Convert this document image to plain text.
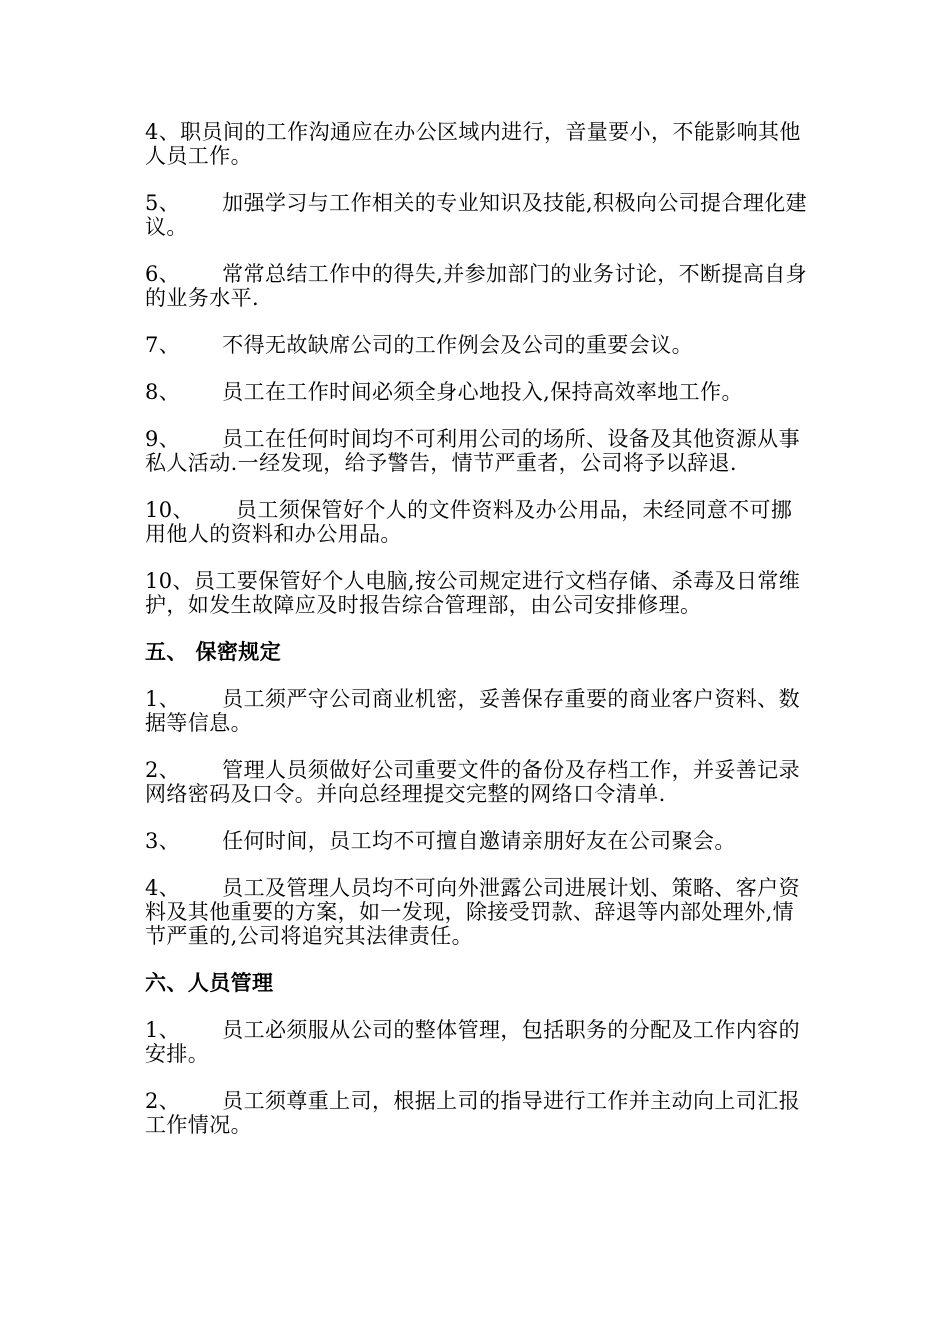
4、职员间的工作沟通应在办公区域内进行，音量要小，不能影响其他人员工作。

5、 加强学习与工作相关的专业知识及技能,积极向公司提合理化建议。

6、 常常总结工作中的得失,并参加部门的业务讨论，不断提高自身的业务水平.

7、 不得无故缺席公司的工作例会及公司的重要会议。

8、 员工在工作时间必须全身心地投入,保持高效率地工作。

9、 员工在任何时间均不可利用公司的场所、设备及其他资源从事私人活动.一经发现，给予警告，情节严重者，公司将予以辞退.

10、 员工须保管好个人的文件资料及办公用品，未经同意不可挪用他人的资料和办公用品。

10、员工要保管好个人电脑,按公司规定进行文档存储、杀毒及日常维护，如发生故障应及时报告综合管理部，由公司安排修理。

五、 保密规定

1、 员工须严守公司商业机密，妥善保存重要的商业客户资料、数据等信息。

2、 管理人员须做好公司重要文件的备份及存档工作，并妥善记录网络密码及口令。并向总经理提交完整的网络口令清单.

3、 任何时间，员工均不可擅自邀请亲朋好友在公司聚会。

4、 员工及管理人员均不可向外泄露公司进展计划、策略、客户资料及其他重要的方案，如一发现，除接受罚款、辞退等内部处理外,情节严重的,公司将追究其法律责任。

六、人员管理

1、 员工必须服从公司的整体管理，包括职务的分配及工作内容的安排。

2、 员工须尊重上司，根据上司的指导进行工作并主动向上司汇报工作情况。
